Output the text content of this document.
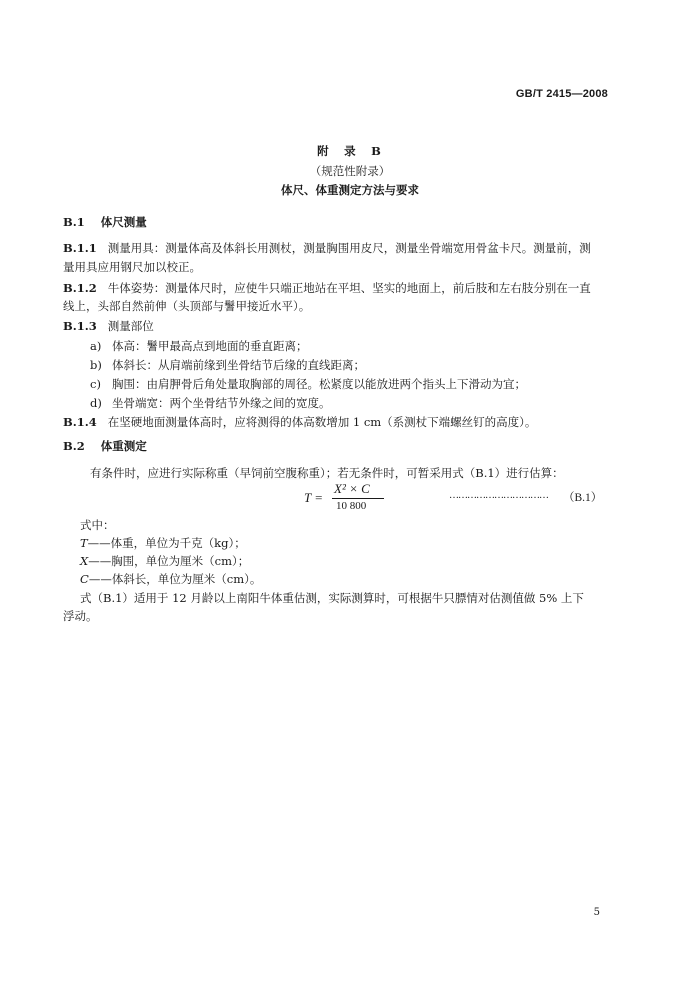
GB/T 2415—2008
附　录　B
（规范性附录）
体尺、体重测定方法与要求
B.1 体尺测量
B.1.1 测量用具：测量体高及体斜长用测杖，测量胸围用皮尺，测量坐骨端宽用骨盆卡尺。测量前，测
量用具应用钢尺加以校正。
B.1.2 牛体姿势：测量体尺时，应使牛只端正地站在平坦、坚实的地面上，前后肢和左右肢分别在一直
线上，头部自然前伸（头顶部与鬐甲接近水平）。
B.1.3 测量部位
a) 体高：鬐甲最高点到地面的垂直距离；
b) 体斜长：从肩端前缘到坐骨结节后缘的直线距离；
c) 胸围：由肩胛骨后角处量取胸部的周径。松紧度以能放进两个指头上下滑动为宜；
d) 坐骨端宽：两个坐骨结节外缘之间的宽度。
B.1.4 在坚硬地面测量体高时，应将测得的体高数增加 1 cm（系测杖下端螺丝钉的高度）。
B.2 体重测定
有条件时，应进行实际称重（早饲前空腹称重）；若无条件时，可暂采用式（B.1）进行估算：
T =
X² × C
10 800
…………………………… （B.1）
式中：
T——体重，单位为千克（kg）；
X——胸围，单位为厘米（cm）；
C——体斜长，单位为厘米（cm）。
式（B.1）适用于 12 月龄以上南阳牛体重估测，实际测算时，可根据牛只膘情对估测值做 5% 上下
浮动。
5
